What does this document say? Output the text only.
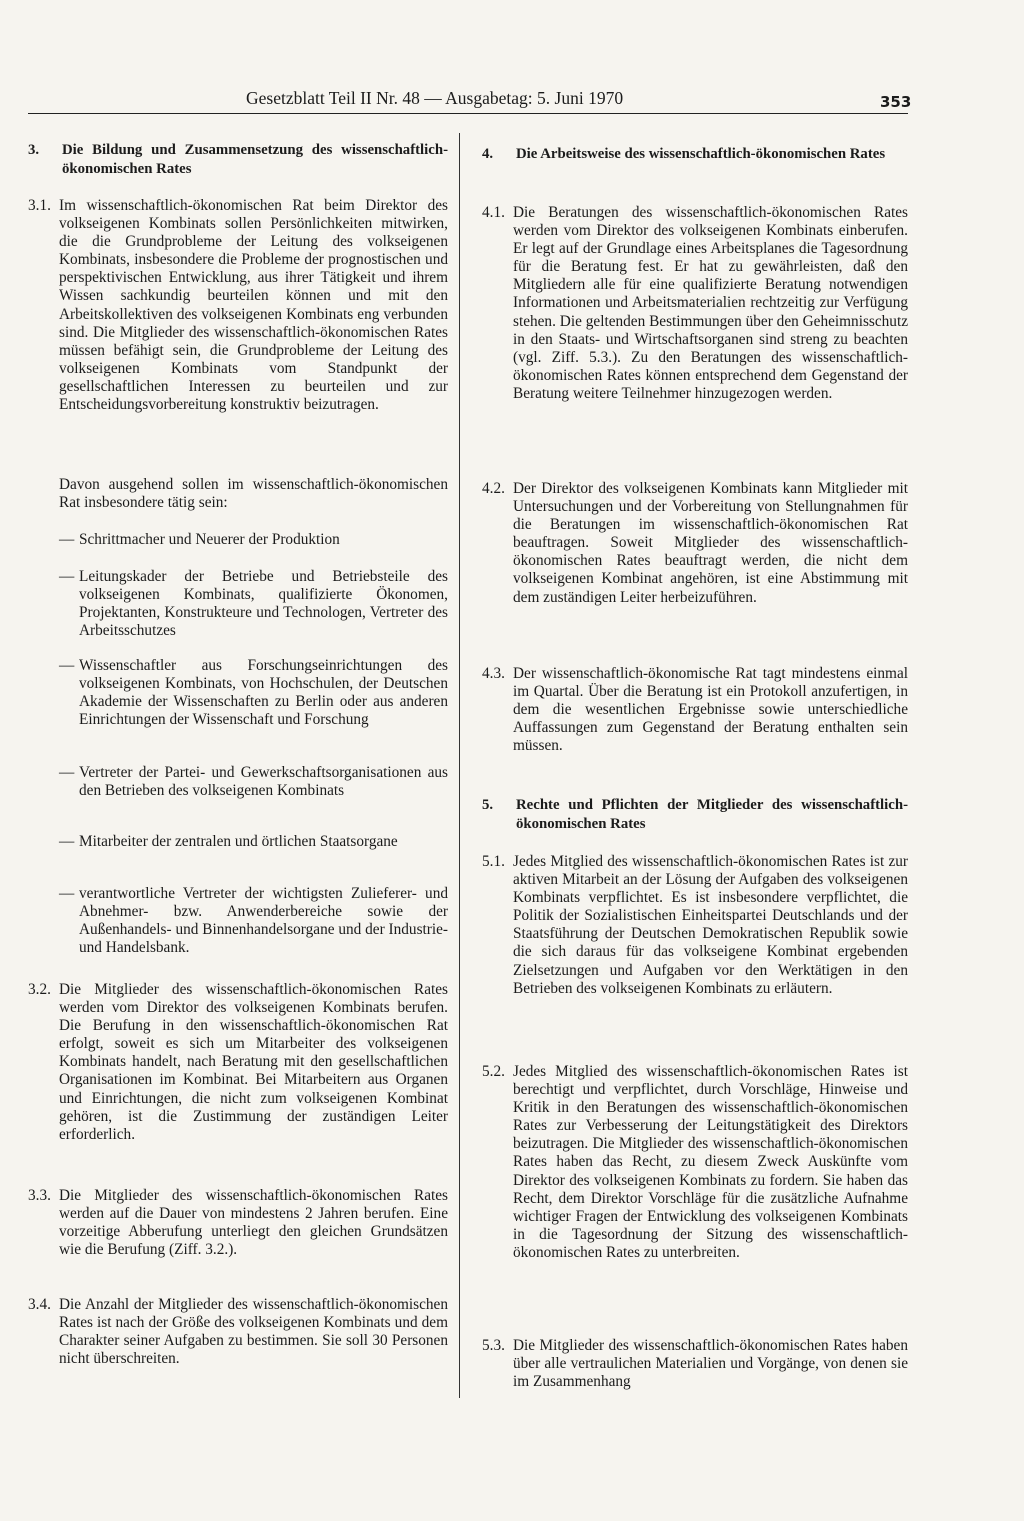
Gesetzblatt Teil II Nr. 48 — Ausgabetag: 5. Juni 1970	353
3.	Die Bildung und Zusammensetzung des wissenschaftlich-ökonomischen Rates
3.1. Im wissenschaftlich-ökonomischen Rat beim Direktor des volkseigenen Kombinats sollen Persönlichkeiten mitwirken, die die Grundprobleme der Leitung des volkseigenen Kombinats, insbesondere die Probleme der prognostischen und perspektivischen Entwicklung, aus ihrer Tätigkeit und ihrem Wissen sachkundig beurteilen können und mit den Arbeitskollektiven des volkseigenen Kombinats eng verbunden sind. Die Mitglieder des wissenschaftlich-ökonomischen Rates müssen befähigt sein, die Grundprobleme der Leitung des volkseigenen Kombinats vom Standpunkt der gesellschaftlichen Interessen zu beurteilen und zur Entscheidungsvorbereitung konstruktiv beizutragen.
Davon ausgehend sollen im wissenschaftlich-ökonomischen Rat insbesondere tätig sein:
— Schrittmacher und Neuerer der Produktion
— Leitungskader der Betriebe und Betriebsteile des volkseigenen Kombinats, qualifizierte Ökonomen, Projektanten, Konstrukteure und Technologen, Vertreter des Arbeitsschutzes
— Wissenschaftler aus Forschungseinrichtungen des volkseigenen Kombinats, von Hochschulen, der Deutschen Akademie der Wissenschaften zu Berlin oder aus anderen Einrichtungen der Wissenschaft und Forschung
— Vertreter der Partei- und Gewerkschaftsorganisationen aus den Betrieben des volkseigenen Kombinats
— Mitarbeiter der zentralen und örtlichen Staatsorgane
— verantwortliche Vertreter der wichtigsten Zulieferer- und Abnehmer- bzw. Anwenderbereiche sowie der Außenhandels- und Binnenhandelsorgane und der Industrie- und Handelsbank.
3.2. Die Mitglieder des wissenschaftlich-ökonomischen Rates werden vom Direktor des volkseigenen Kombinats berufen. Die Berufung in den wissenschaftlich-ökonomischen Rat erfolgt, soweit es sich um Mitarbeiter des volkseigenen Kombinats handelt, nach Beratung mit den gesellschaftlichen Organisationen im Kombinat. Bei Mitarbeitern aus Organen und Einrichtungen, die nicht zum volkseigenen Kombinat gehören, ist die Zustimmung der zuständigen Leiter erforderlich.
3.3. Die Mitglieder des wissenschaftlich-ökonomischen Rates werden auf die Dauer von mindestens 2 Jahren berufen. Eine vorzeitige Abberufung unterliegt den gleichen Grundsätzen wie die Berufung (Ziff. 3.2.).
3.4. Die Anzahl der Mitglieder des wissenschaftlich-ökonomischen Rates ist nach der Größe des volkseigenen Kombinats und dem Charakter seiner Aufgaben zu bestimmen. Sie soll 30 Personen nicht überschreiten.
4.	Die Arbeitsweise des wissenschaftlich-ökonomischen Rates
4.1. Die Beratungen des wissenschaftlich-ökonomischen Rates werden vom Direktor des volkseigenen Kombinats einberufen. Er legt auf der Grundlage eines Arbeitsplanes die Tagesordnung für die Beratung fest. Er hat zu gewährleisten, daß den Mitgliedern alle für eine qualifizierte Beratung notwendigen Informationen und Arbeitsmaterialien rechtzeitig zur Verfügung stehen. Die geltenden Bestimmungen über den Geheimnisschutz in den Staats- und Wirtschaftsorganen sind streng zu beachten (vgl. Ziff. 5.3.). Zu den Beratungen des wissenschaftlich-ökonomischen Rates können entsprechend dem Gegenstand der Beratung weitere Teilnehmer hinzugezogen werden.
4.2. Der Direktor des volkseigenen Kombinats kann Mitglieder mit Untersuchungen und der Vorbereitung von Stellungnahmen für die Beratungen im wissenschaftlich-ökonomischen Rat beauftragen. Soweit Mitglieder des wissenschaftlich-ökonomischen Rates beauftragt werden, die nicht dem volkseigenen Kombinat angehören, ist eine Abstimmung mit dem zuständigen Leiter herbeizuführen.
4.3. Der wissenschaftlich-ökonomische Rat tagt mindestens einmal im Quartal. Über die Beratung ist ein Protokoll anzufertigen, in dem die wesentlichen Ergebnisse sowie unterschiedliche Auffassungen zum Gegenstand der Beratung enthalten sein müssen.
5.	Rechte und Pflichten der Mitglieder des wissenschaftlich-ökonomischen Rates
5.1. Jedes Mitglied des wissenschaftlich-ökonomischen Rates ist zur aktiven Mitarbeit an der Lösung der Aufgaben des volkseigenen Kombinats verpflichtet. Es ist insbesondere verpflichtet, die Politik der Sozialistischen Einheitspartei Deutschlands und der Staatsführung der Deutschen Demokratischen Republik sowie die sich daraus für das volkseigene Kombinat ergebenden Zielsetzungen und Aufgaben vor den Werktätigen in den Betrieben des volkseigenen Kombinats zu erläutern.
5.2. Jedes Mitglied des wissenschaftlich-ökonomischen Rates ist berechtigt und verpflichtet, durch Vorschläge, Hinweise und Kritik in den Beratungen des wissenschaftlich-ökonomischen Rates zur Verbesserung der Leitungstätigkeit des Direktors beizutragen. Die Mitglieder des wissenschaftlich-ökonomischen Rates haben das Recht, zu diesem Zweck Auskünfte vom Direktor des volkseigenen Kombinats zu fordern. Sie haben das Recht, dem Direktor Vorschläge für die zusätzliche Aufnahme wichtiger Fragen der Entwicklung des volkseigenen Kombinats in die Tagesordnung der Sitzung des wissenschaftlich-ökonomischen Rates zu unterbreiten.
5.3. Die Mitglieder des wissenschaftlich-ökonomischen Rates haben über alle vertraulichen Materialien und Vorgänge, von denen sie im Zusammenhang
